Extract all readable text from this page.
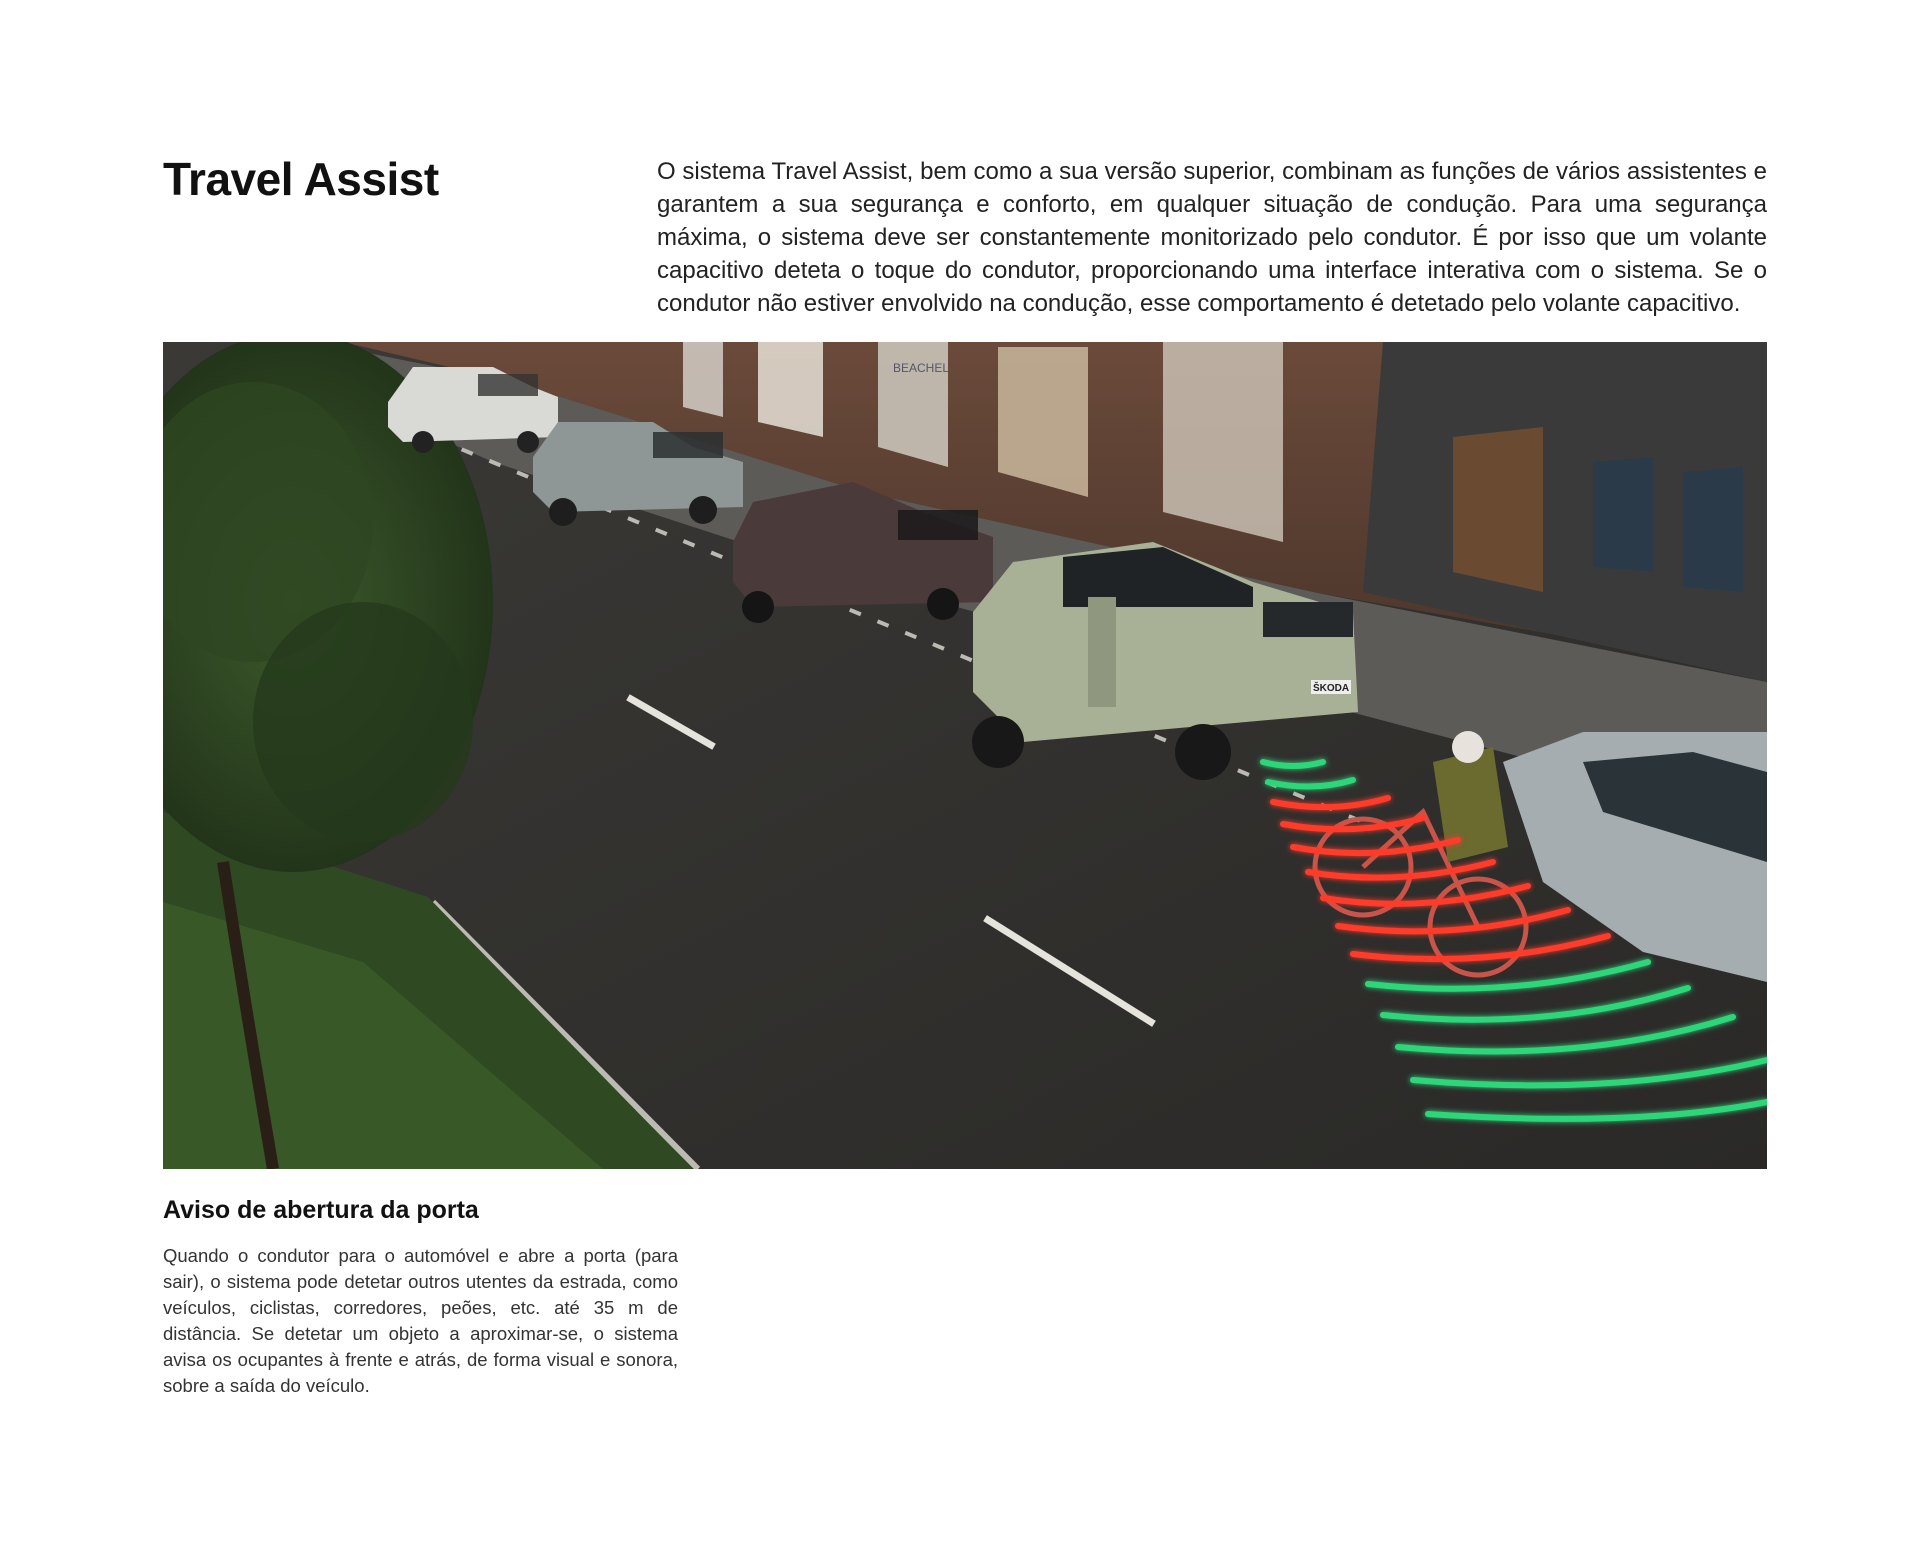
Travel Assist	O sistema Travel Assist, bem como a sua versão superior, combinam as funções de vários assistentes e garantem a sua segurança e conforto, em qualquer situação de condução. Para uma segurança máxima, o sistema deve ser constantemente monitorizado pelo condutor. É por isso que um volante capacitivo deteta o toque do condutor, proporcionando uma interface interativa com o sistema. Se o condutor não estiver envolvido na condução, esse comportamento é detetado pelo volante capacitivo.

BEACHEL
ŠKODA
Aviso de abertura da porta

Quando o condutor para o automóvel e abre a porta (para sair), o sistema pode detetar outros utentes da estrada, como veículos, ciclistas, corredores, peões, etc. até 35 m de distância. Se detetar um objeto a aproximar-se, o sistema avisa os ocupantes à frente e atrás, de forma visual e sonora, sobre a saída do veículo.
